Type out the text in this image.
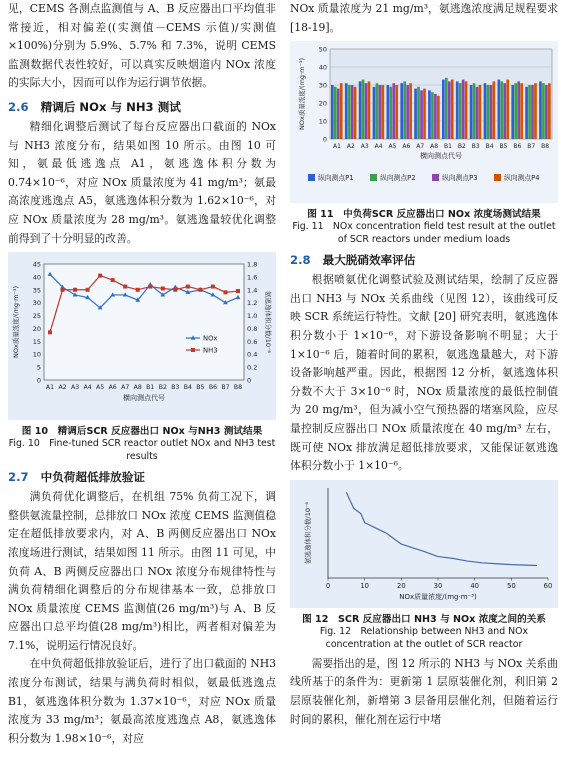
见，CEMS 各测点监测值与 A、B 反应器出口平均值非常接近，相对偏差((实测值－CEMS 示值)/实测值×100%)分别为 5.9%、5.7% 和 7.3%，说明 CEMS 监测数据代表性较好，可以真实反映烟道内 NOx 浓度的实际大小，因而可以作为运行调节依据。

2.6 精调后 NOx 与 NH3 测试

精细化调整后测试了每台反应器出口截面的 NOx 与 NH3 浓度分布，结果如图 10 所示。由图 10 可知，氨最低逃逸点 A1，氨逃逸体积分数为 0.74×10⁻⁶，对应 NOx 质量浓度为 41 mg/m³；氨最高浓度逃逸点 A5，氨逃逸体积分数为 1.62×10⁻⁶，对应 NOx 质量浓度为 28 mg/m³。氨逃逸量较优化调整前得到了十分明显的改善。

0
5
10
15
20
25
30
35
40
45
0
0.2
0.4
0.6
0.8
1.0
1.2
1.4
1.6
1.8
A1 A2 A3 A4 A5 A6 A7 A8 B1 B2 B3 B4 B5 B6 B7 B8
横向测点代号
NOx质量浓度/(mg·m⁻³)	氨逃逸体积分数/10⁻⁶
NOx
NH3
图 10　精调后SCR 反应器出口 NOx 与NH3 测试结果
Fig. 10　Fine-tuned SCR reactor outlet NOx and NH3 test results
2.7 中负荷超低排放验证

满负荷优化调整后，在机组 75% 负荷工况下，调整供氨流量控制，总排放口 NOx 浓度 CEMS 监测值稳定在超低排放要求内，对 A、B 两侧反应器出口 NOx 浓度场进行测试，结果如图 11 所示。由图 11 可见，中负荷 A、B 两侧反应器出口 NOx 浓度分布规律特性与满负荷精细化调整后的分布规律基本一致，总排放口 NOx 质量浓度 CEMS 监测值(26 mg/m³)与 A、B 反应器出口总平均值(28 mg/m³)相比，两者相对偏差为 7.1%，说明运行情况良好。

在中负荷超低排放验证后，进行了出口截面的 NH3 浓度分布测试，结果与满负荷时相似，氨最低逃逸点 B1，氨逃逸体积分数为 1.37×10⁻⁶，对应 NOx 质量浓度为 33 mg/m³；氨最高浓度逃逸点 A8，氨逃逸体积分数为 1.98×10⁻⁶，对应

NOx 质量浓度为 21 mg/m³，氨逃逸浓度满足规程要求[18-19]。

0
10
20
30
40
50
A1 A2 A3 A4 A5 A6 A7 A8 B1 B2 B3 B4 B5 B6 B7 B8
横向测点代号
NOx质量浓度/(mg·m⁻³)
纵向测点P1	纵向测点P2	纵向测点P3	纵向测点P4
图 11　中负荷SCR 反应器出口 NOx 浓度场测试结果
Fig. 11　NOx concentration field test result at the outlet of SCR reactors under medium loads
2.8 最大脱硝效率评估

根据喷氨优化调整试验及测试结果，绘制了反应器出口 NH3 与 NOx 关系曲线（见图 12），该曲线可反映 SCR 系统运行特性。文献 [20] 研究表明，氨逃逸体积分数小于 1×10⁻⁶，对下游设备影响不明显；大于 1×10⁻⁶ 后，随着时间的累积，氨逃逸量越大，对下游设备影响越严重。因此，根据图 12 分析，氨逃逸体积分数不大于 3×10⁻⁶ 时，NOx 质量浓度的最低控制值为 20 mg/m³，但为减小空气预热器的堵塞风险，应尽量控制反应器出口 NOx 质量浓度在 40 mg/m³ 左右，既可使 NOx 排放满足超低排放要求，又能保证氨逃逸体积分数小于 1×10⁻⁶。

0	10	20	30	40	50	60
NOx质量浓度/(mg·m⁻³)
氨逃逸体积分数/10⁻⁶
图 12　SCR 反应器出口 NH3 与 NOx 浓度之间的关系
Fig. 12　Relationship between NH3 and NOx concentration at the outlet of SCR reactor

需要指出的是，图 12 所示的 NH3 与 NOx 关系曲线所基于的条件为：更新第 1 层原装催化剂，利旧第 2 层原装催化剂，新增第 3 层备用层催化剂，但随着运行时间的累积，催化剂在运行中堵
